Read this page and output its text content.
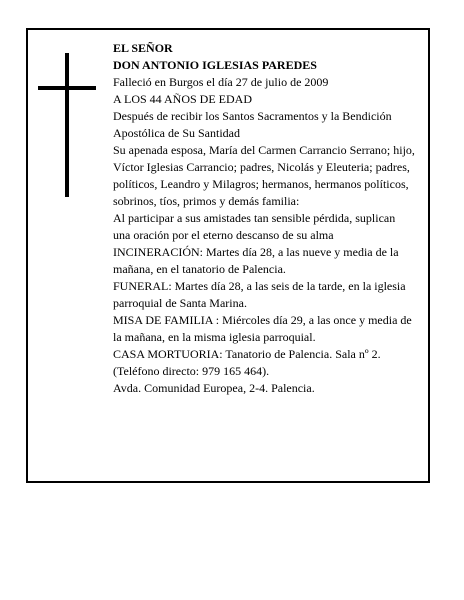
EL SEÑOR

DON ANTONIO IGLESIAS PAREDES

Falleció en Burgos el día 27 de julio de 2009

A LOS 44 AÑOS DE EDAD

Después de recibir los Santos Sacramentos y la Bendición Apostólica de Su Santidad

Su apenada esposa, María del Carmen Carrancio Serrano; hijo, Víctor Iglesias Carrancio; padres, Nicolás y Eleuteria; padres, políticos, Leandro y Milagros; hermanos, hermanos políticos, sobrinos, tíos, primos y demás familia:

Al participar a sus amistades tan sensible pérdida, suplican una oración por el eterno descanso de su alma

INCINERACIÓN: Martes día 28, a las nueve y media de la mañana, en el tanatorio de Palencia.

FUNERAL: Martes día 28, a las seis de la tarde, en la iglesia parroquial de Santa Marina.

MISA DE FAMILIA : Miércoles día 29, a las once y media de la mañana, en la misma iglesia parroquial.

CASA MORTUORIA: Tanatorio de Palencia. Sala nº 2.

(Teléfono directo: 979 165 464).

Avda. Comunidad Europea, 2-4. Palencia.
